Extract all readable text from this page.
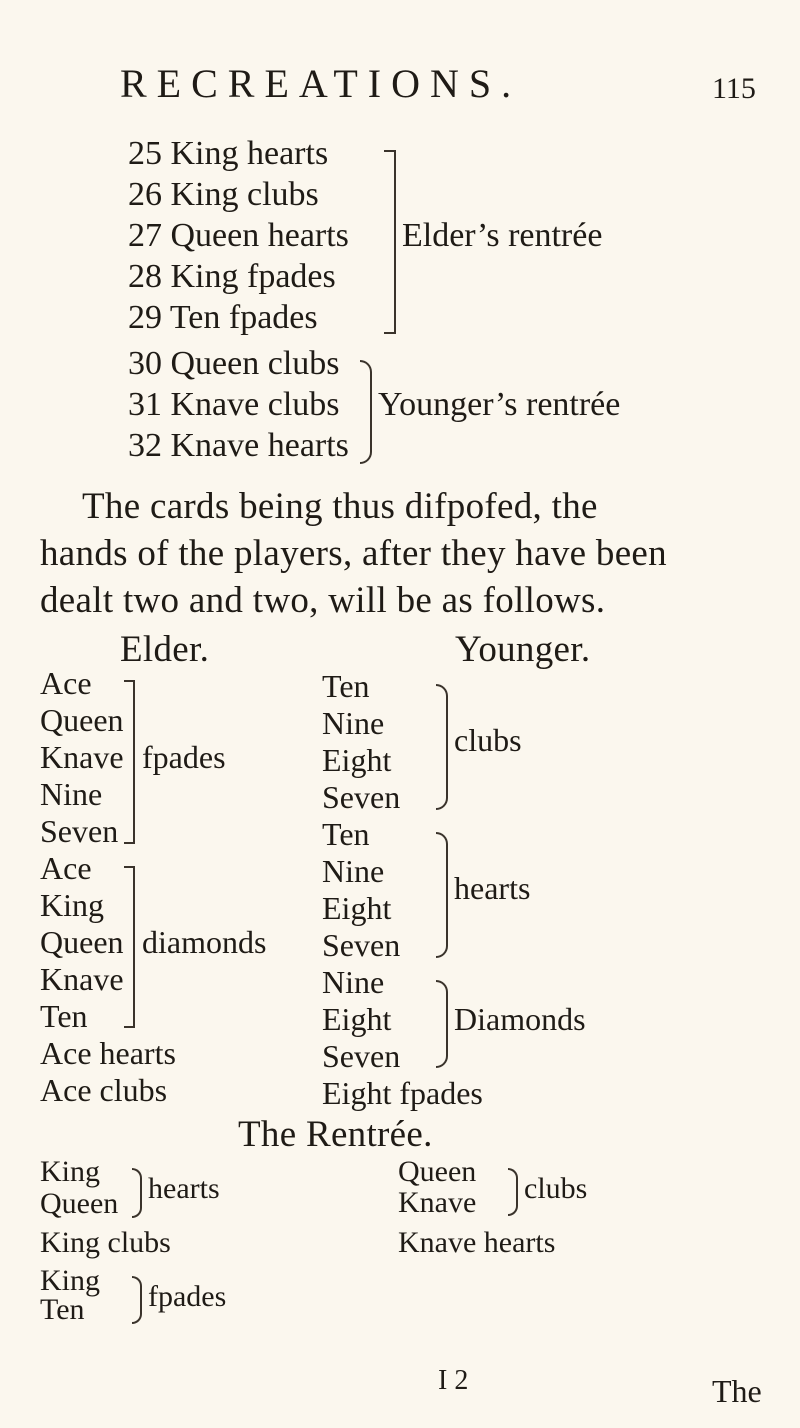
RECREATIONS.	115
25 King hearts
26 King clubs
27 Queen hearts
28 King fpades
29 Ten fpades
Elder’s rentrée
30 Queen clubs
31 Knave clubs
32 Knave hearts
Younger’s rentrée
The cards being thus difpofed, the
hands of the players, after they have been
dealt two and two, will be as follows.
Elder.
Ace
Queen
Knave
Nine
Seven
fpades
Ace
King
Queen
Knave
Ten
diamonds
Ace hearts
Ace clubs
Younger.
Ten
Nine
Eight
Seven
clubs
Ten
Nine
Eight
Seven
hearts
Nine
Eight
Seven
Diamonds
Eight fpades
The Rentrée.
King
Queen hearts
King clubs
King
Ten fpades
Queen
Knave clubs
Knave hearts
I 2	The
